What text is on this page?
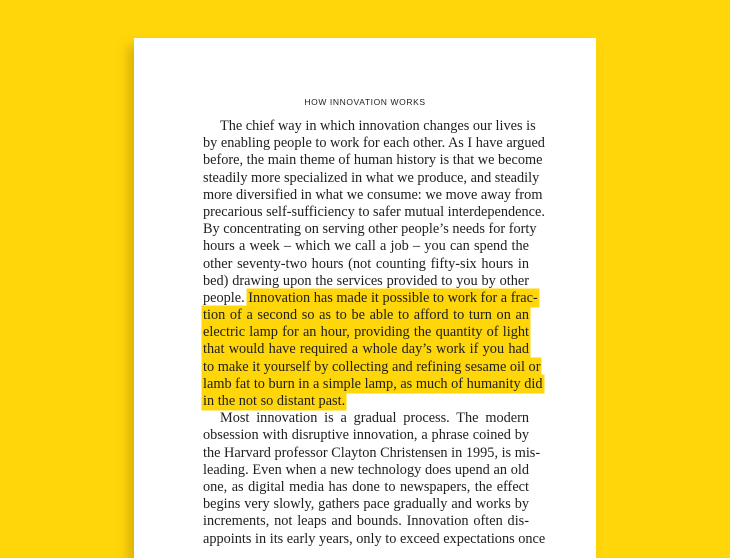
HOW INNOVATION WORKS
The chief way in which innovation changes our lives is
by enabling people to work for each other. As I have argued
before, the main theme of human history is that we become
steadily more specialized in what we produce, and steadily
more diversified in what we consume: we move away from
precarious self-sufficiency to safer mutual interdependence.
By concentrating on serving other people’s needs for forty
hours a week – which we call a job – you can spend the
other seventy-two hours (not counting fifty-six hours in
bed) drawing upon the services provided to you by other
people. Innovation has made it possible to work for a frac-
tion of a second so as to be able to afford to turn on an
electric lamp for an hour, providing the quantity of light
that would have required a whole day’s work if you had
to make it yourself by collecting and refining sesame oil or
lamb fat to burn in a simple lamp, as much of humanity did
in the not so distant past.
Most innovation is a gradual process. The modern
obsession with disruptive innovation, a phrase coined by
the Harvard professor Clayton Christensen in 1995, is mis-
leading. Even when a new technology does upend an old
one, as digital media has done to newspapers, the effect
begins very slowly, gathers pace gradually and works by
increments, not leaps and bounds. Innovation often dis-
appoints in its early years, only to exceed expectations once
